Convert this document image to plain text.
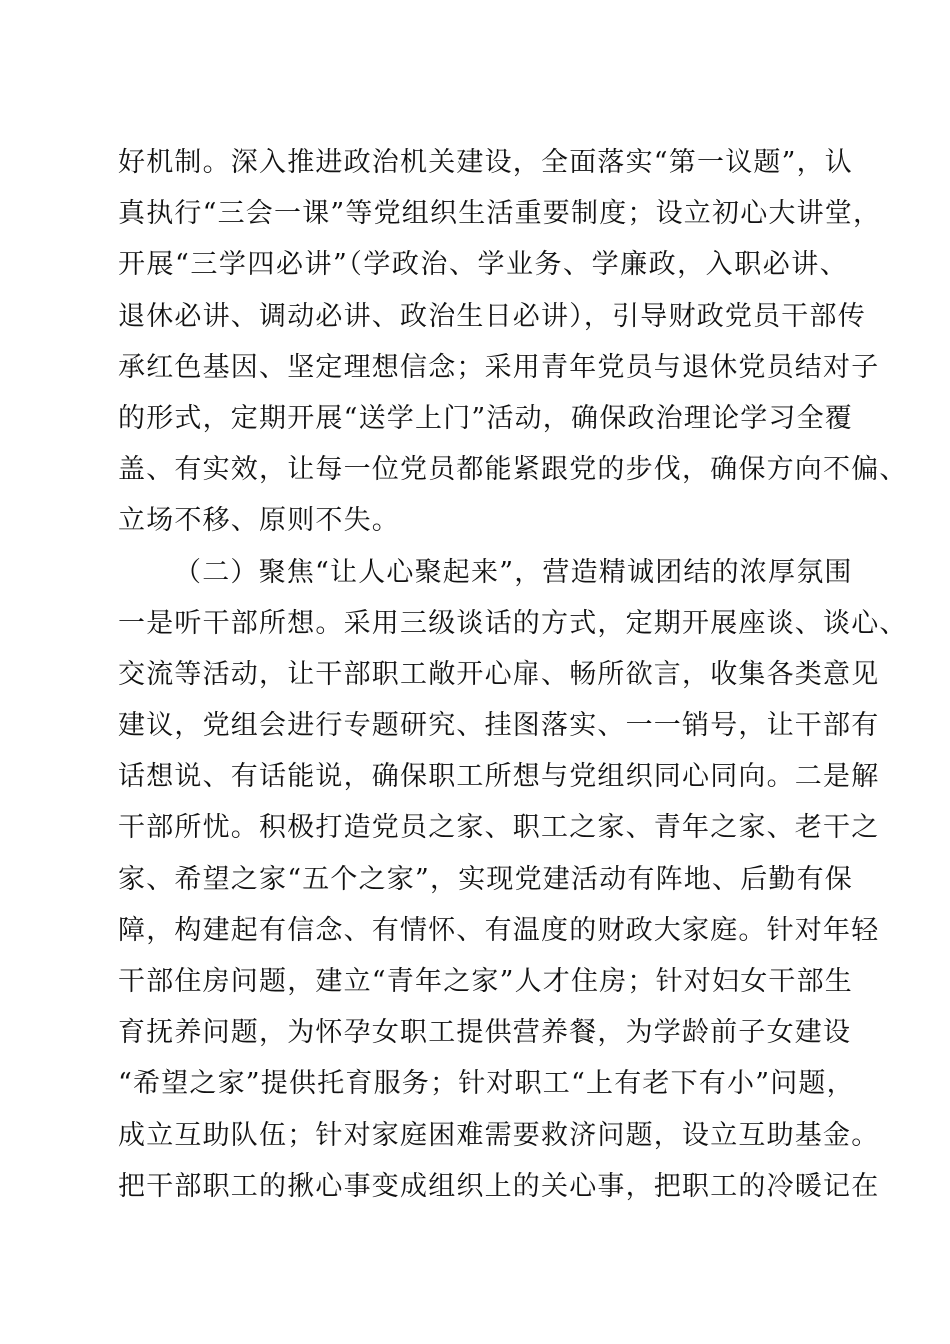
好机制。深入推进政治机关建设，全面落实“第一议题”，认
真执行“三会一课”等党组织生活重要制度；设立初心大讲堂，
开展“三学四必讲”（学政治、学业务、学廉政，入职必讲、
退休必讲、调动必讲、政治生日必讲），引导财政党员干部传
承红色基因、坚定理想信念；采用青年党员与退休党员结对子
的形式，定期开展“送学上门”活动，确保政治理论学习全覆
盖、有实效，让每一位党员都能紧跟党的步伐，确保方向不偏、
立场不移、原则不失。
（二）聚焦“让人心聚起来”，营造精诚团结的浓厚氛围
一是听干部所想。采用三级谈话的方式，定期开展座谈、谈心、
交流等活动，让干部职工敞开心扉、畅所欲言，收集各类意见
建议，党组会进行专题研究、挂图落实、一一销号，让干部有
话想说、有话能说，确保职工所想与党组织同心同向。二是解
干部所忧。积极打造党员之家、职工之家、青年之家、老干之
家、希望之家“五个之家”，实现党建活动有阵地、后勤有保
障，构建起有信念、有情怀、有温度的财政大家庭。针对年轻
干部住房问题，建立“青年之家”人才住房；针对妇女干部生
育抚养问题，为怀孕女职工提供营养餐，为学龄前子女建设
“希望之家”提供托育服务；针对职工“上有老下有小”问题，
成立互助队伍；针对家庭困难需要救济问题，设立互助基金。
把干部职工的揪心事变成组织上的关心事，把职工的冷暖记在
